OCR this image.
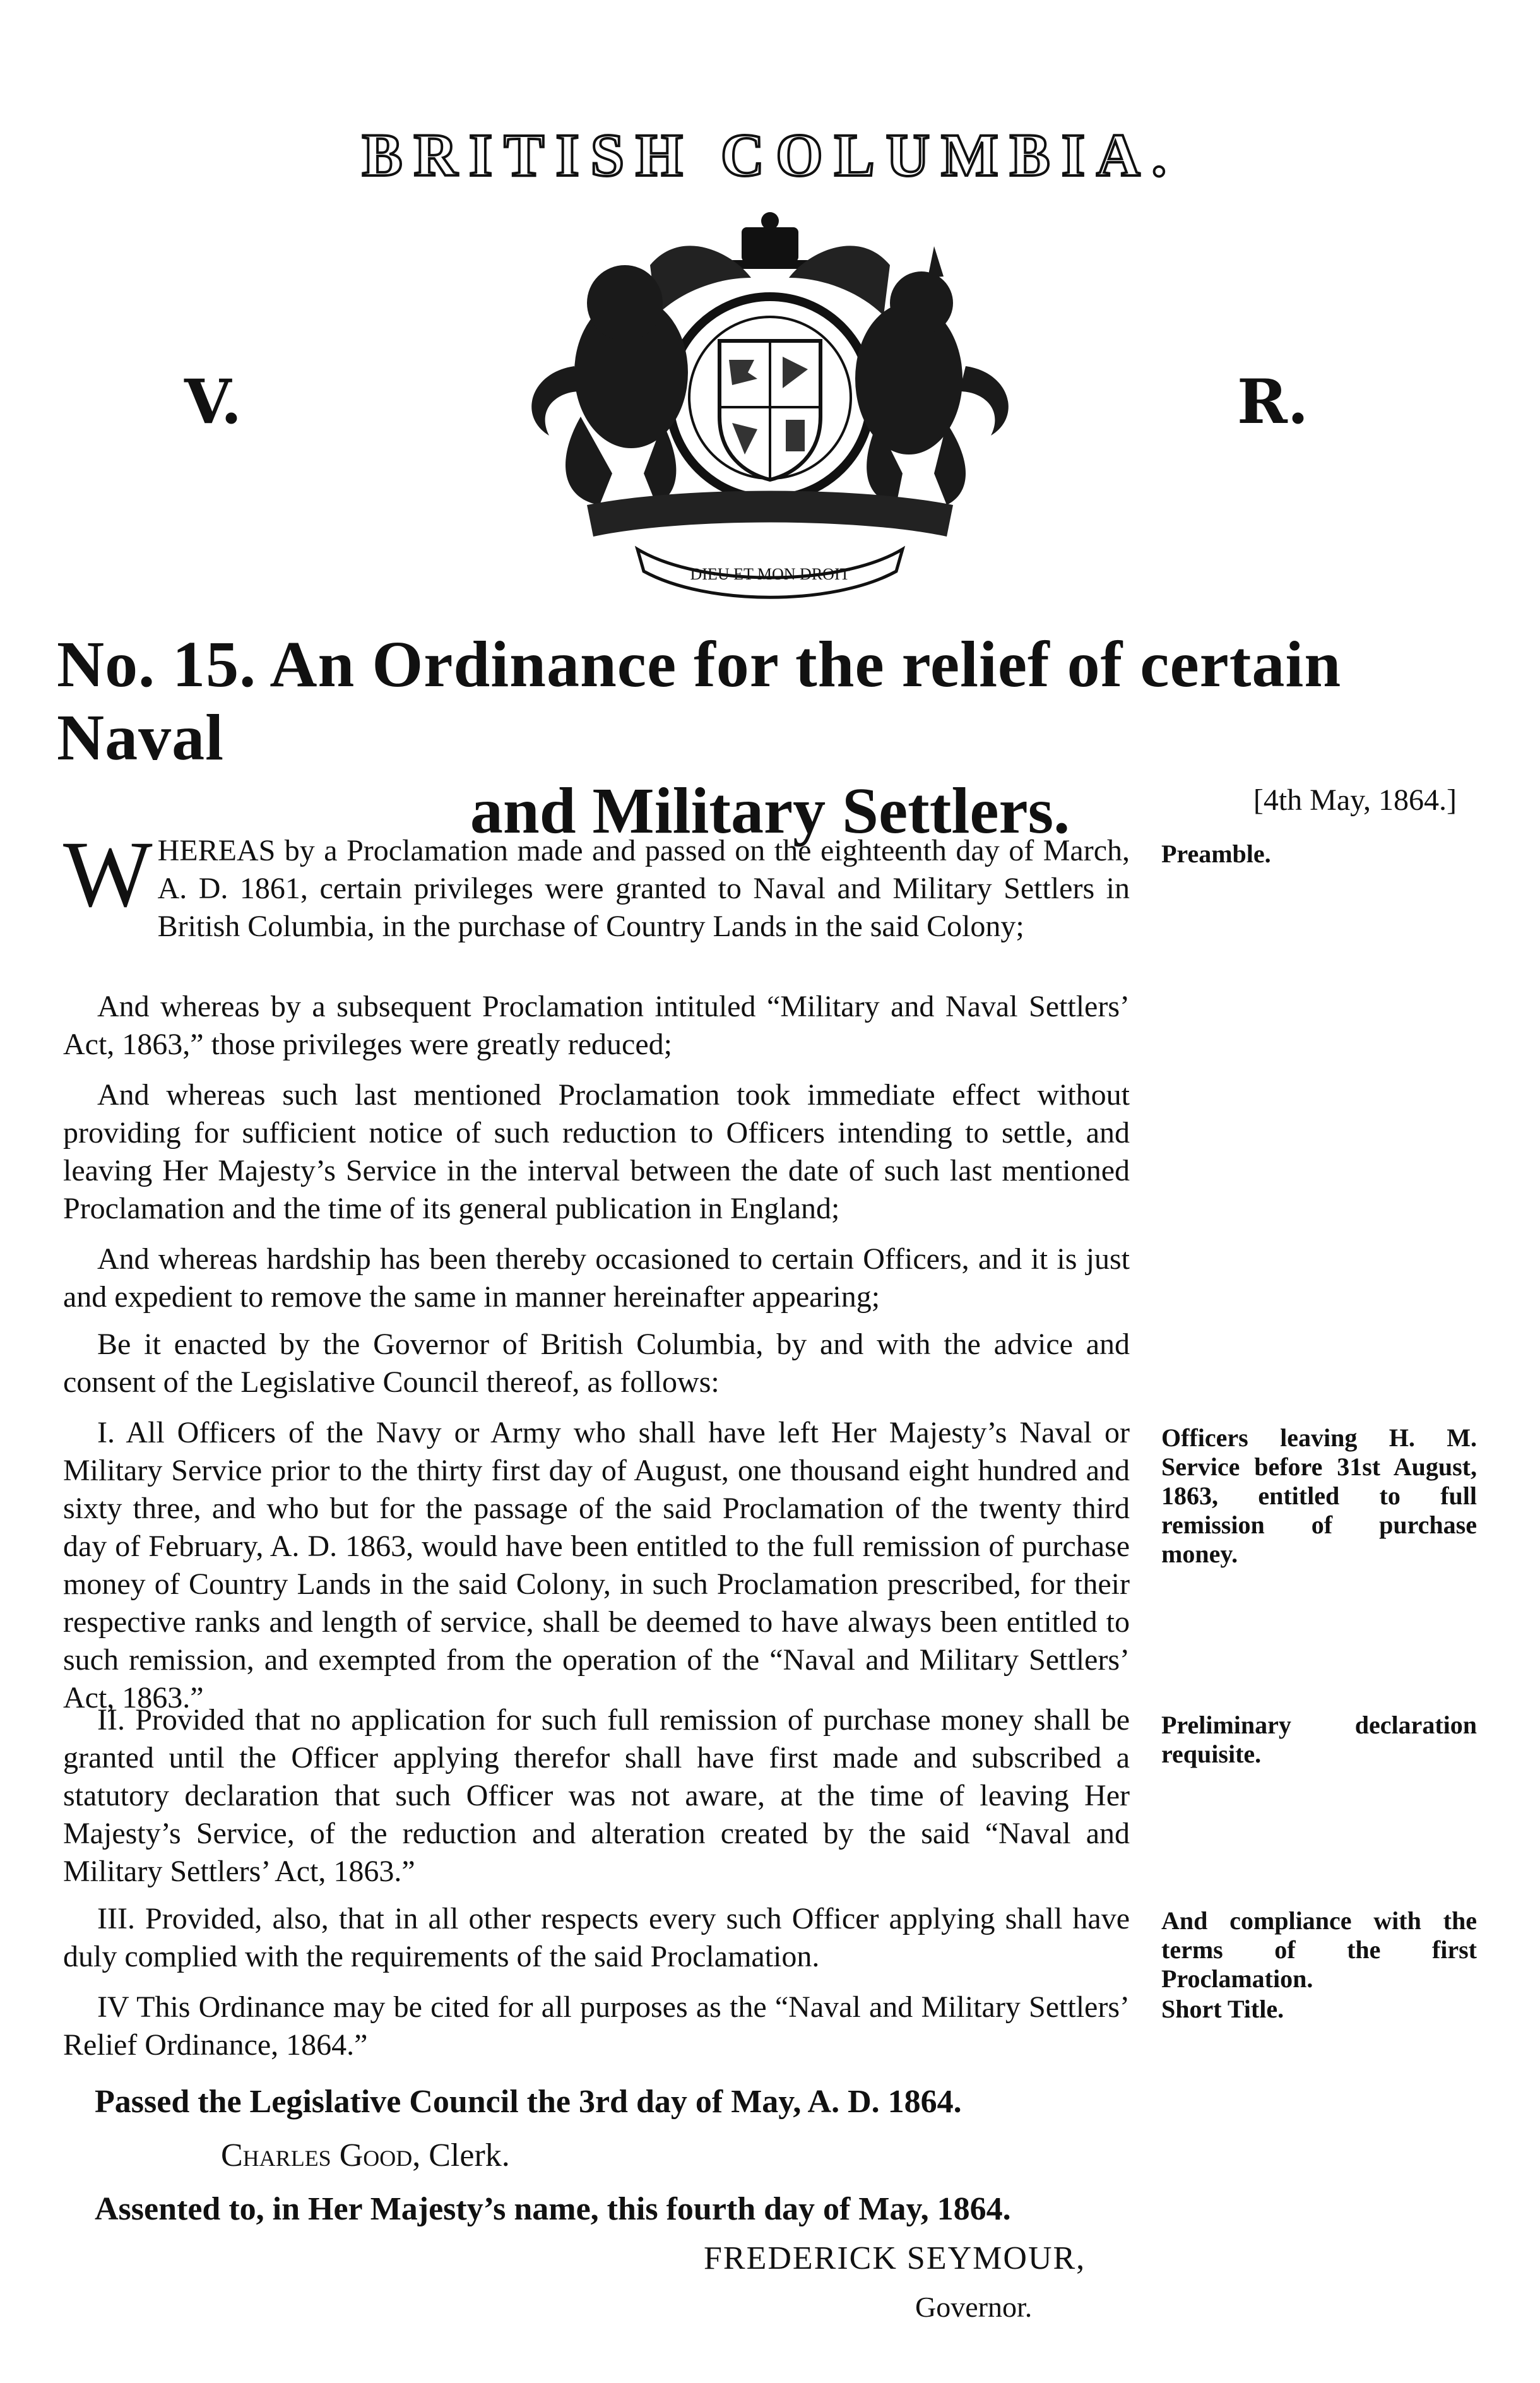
BRITISH COLUMBIA.
V.	R.
DIEU ET MON DROIT
No. 15. An Ordinance for the relief of certain Naval
and Military Settlers.	[4th May, 1864.]

WHEREAS by a Proclamation made and passed on the eighteenth day of March, A. D. 1861, certain privileges were granted to Naval and Military Settlers in British Columbia, in the purchase of Country Lands in the said Colony;

Preamble.

And whereas by a subsequent Proclamation intituled “Military and Naval Settlers’ Act, 1863,” those privileges were greatly reduced;

And whereas such last mentioned Proclamation took immediate effect without providing for sufficient notice of such reduction to Officers intending to settle, and leaving Her Majesty’s Service in the interval between the date of such last mentioned Proclamation and the time of its general publication in England;

And whereas hardship has been thereby occasioned to certain Officers, and it is just and expedient to remove the same in manner hereinafter appearing;

Be it enacted by the Governor of British Columbia, by and with the advice and consent of the Legislative Council thereof, as follows:

I. All Officers of the Navy or Army who shall have left Her Majesty’s Naval or Military Service prior to the thirty first day of August, one thousand eight hundred and sixty three, and who but for the passage of the said Proclamation of the twenty third day of February, A. D. 1863, would have been entitled to the full remission of purchase money of Country Lands in the said Colony, in such Proclamation prescribed, for their respective ranks and length of service, shall be deemed to have always been entitled to such remission, and exempted from the operation of the “Naval and Military Settlers’ Act, 1863.”

Officers leaving H. M. Service before 31st August, 1863, entitled to full remission of purchase money.

II. Provided that no application for such full remission of purchase money shall be granted until the Officer applying therefor shall have first made and subscribed a statutory declaration that such Officer was not aware, at the time of leaving Her Majesty’s Service, of the reduction and alteration created by the said “Naval and Military Settlers’ Act, 1863.”

Preliminary declaration requisite.

III. Provided, also, that in all other respects every such Officer applying shall have duly complied with the requirements of the said Proclamation.

And compliance with the terms of the first Proclamation.

IV This Ordinance may be cited for all purposes as the “Naval and Military Settlers’ Relief Ordinance, 1864.”

Short Title.
Passed the Legislative Council the 3rd day of May, A. D. 1864.
Charles Good, Clerk.
Assented to, in Her Majesty’s name, this fourth day of May, 1864.
FREDERICK SEYMOUR,
Governor.
